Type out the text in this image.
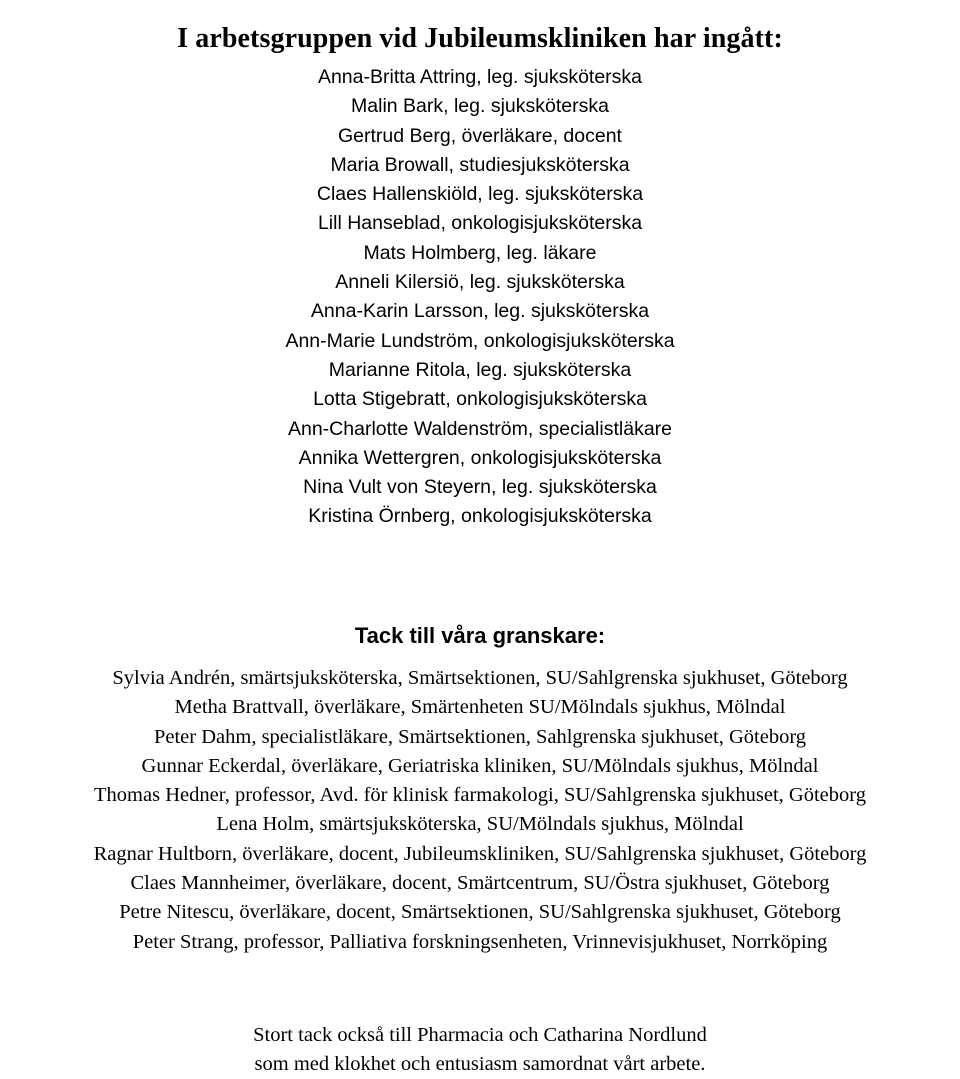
I arbetsgruppen vid Jubileumskliniken har ingått:
Anna-Britta Attring, leg. sjuksköterska
Malin Bark, leg. sjuksköterska
Gertrud Berg, överläkare, docent
Maria Browall, studiesjuksköterska
Claes Hallenskiöld, leg. sjuksköterska
Lill Hanseblad, onkologisjuksköterska
Mats Holmberg, leg. läkare
Anneli Kilersiö, leg. sjuksköterska
Anna-Karin Larsson, leg. sjuksköterska
Ann-Marie Lundström, onkologisjuksköterska
Marianne Ritola, leg. sjuksköterska
Lotta Stigebratt, onkologisjuksköterska
Ann-Charlotte Waldenström, specialistläkare
Annika Wettergren, onkologisjuksköterska
Nina Vult von Steyern, leg. sjuksköterska
Kristina Örnberg, onkologisjuksköterska
Tack till våra granskare:
Sylvia Andrén, smärtsjuksköterska, Smärtsektionen, SU/Sahlgrenska sjukhuset, Göteborg
Metha Brattvall, överläkare, Smärtenheten SU/Mölndals sjukhus, Mölndal
Peter Dahm, specialistläkare, Smärtsektionen, Sahlgrenska sjukhuset, Göteborg
Gunnar Eckerdal, överläkare, Geriatriska kliniken, SU/Mölndals sjukhus, Mölndal
Thomas Hedner, professor, Avd. för klinisk farmakologi, SU/Sahlgrenska sjukhuset, Göteborg
Lena Holm, smärtsjuksköterska, SU/Mölndals sjukhus, Mölndal
Ragnar Hultborn, överläkare, docent, Jubileumskliniken, SU/Sahlgrenska sjukhuset, Göteborg
Claes Mannheimer, överläkare, docent, Smärtcentrum, SU/Östra sjukhuset, Göteborg
Petre Nitescu, överläkare, docent, Smärtsektionen, SU/Sahlgrenska sjukhuset, Göteborg
Peter Strang, professor, Palliativa forskningsenheten, Vrinnevisjukhuset, Norrköping

Stort tack också till Pharmacia och Catharina Nordlund

som med klokhet och entusiasm samordnat vårt arbete.
